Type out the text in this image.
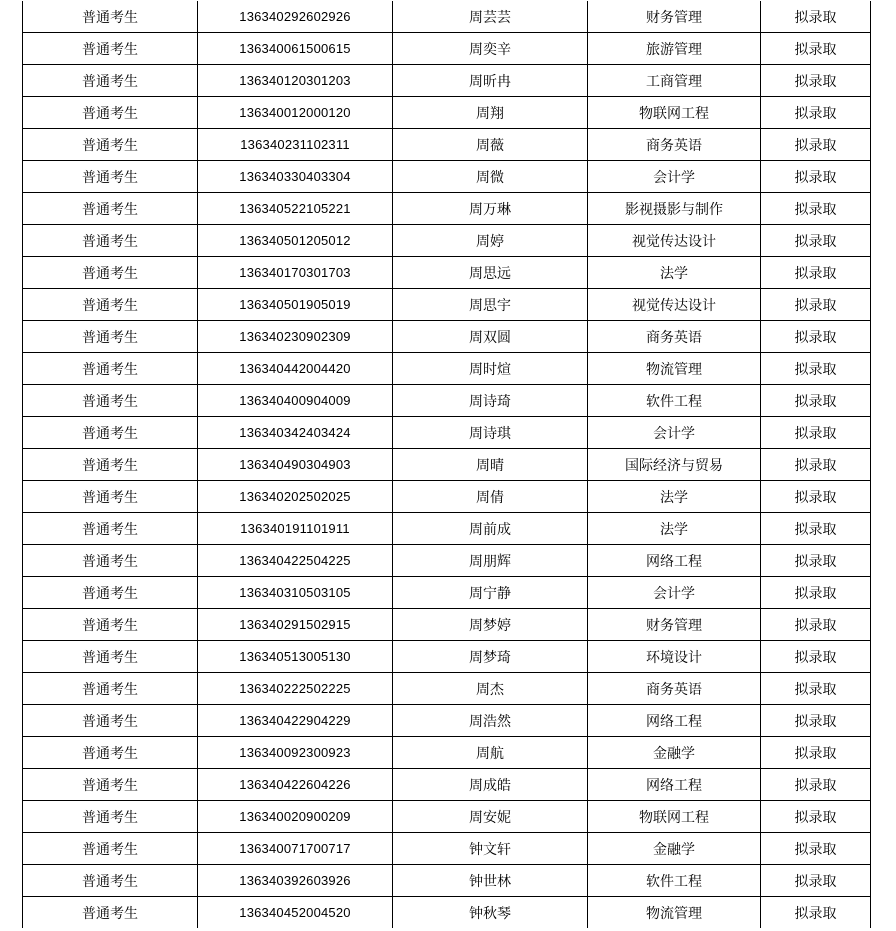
普通考生	136340292602926	周芸芸	财务管理	拟录取
普通考生	136340061500615	周奕辛	旅游管理	拟录取
普通考生	136340120301203	周昕冉	工商管理	拟录取
普通考生	136340012000120	周翔	物联网工程	拟录取
普通考生	136340231102311	周薇	商务英语	拟录取
普通考生	136340330403304	周微	会计学	拟录取
普通考生	136340522105221	周万琳	影视摄影与制作	拟录取
普通考生	136340501205012	周婷	视觉传达设计	拟录取
普通考生	136340170301703	周思远	法学	拟录取
普通考生	136340501905019	周思宇	视觉传达设计	拟录取
普通考生	136340230902309	周双圆	商务英语	拟录取
普通考生	136340442004420	周时煊	物流管理	拟录取
普通考生	136340400904009	周诗琦	软件工程	拟录取
普通考生	136340342403424	周诗琪	会计学	拟录取
普通考生	136340490304903	周晴	国际经济与贸易	拟录取
普通考生	136340202502025	周倩	法学	拟录取
普通考生	136340191101911	周前成	法学	拟录取
普通考生	136340422504225	周朋辉	网络工程	拟录取
普通考生	136340310503105	周宁静	会计学	拟录取
普通考生	136340291502915	周梦婷	财务管理	拟录取
普通考生	136340513005130	周梦琦	环境设计	拟录取
普通考生	136340222502225	周杰	商务英语	拟录取
普通考生	136340422904229	周浩然	网络工程	拟录取
普通考生	136340092300923	周航	金融学	拟录取
普通考生	136340422604226	周成皓	网络工程	拟录取
普通考生	136340020900209	周安妮	物联网工程	拟录取
普通考生	136340071700717	钟文轩	金融学	拟录取
普通考生	136340392603926	钟世林	软件工程	拟录取
普通考生	136340452004520	钟秋琴	物流管理	拟录取
